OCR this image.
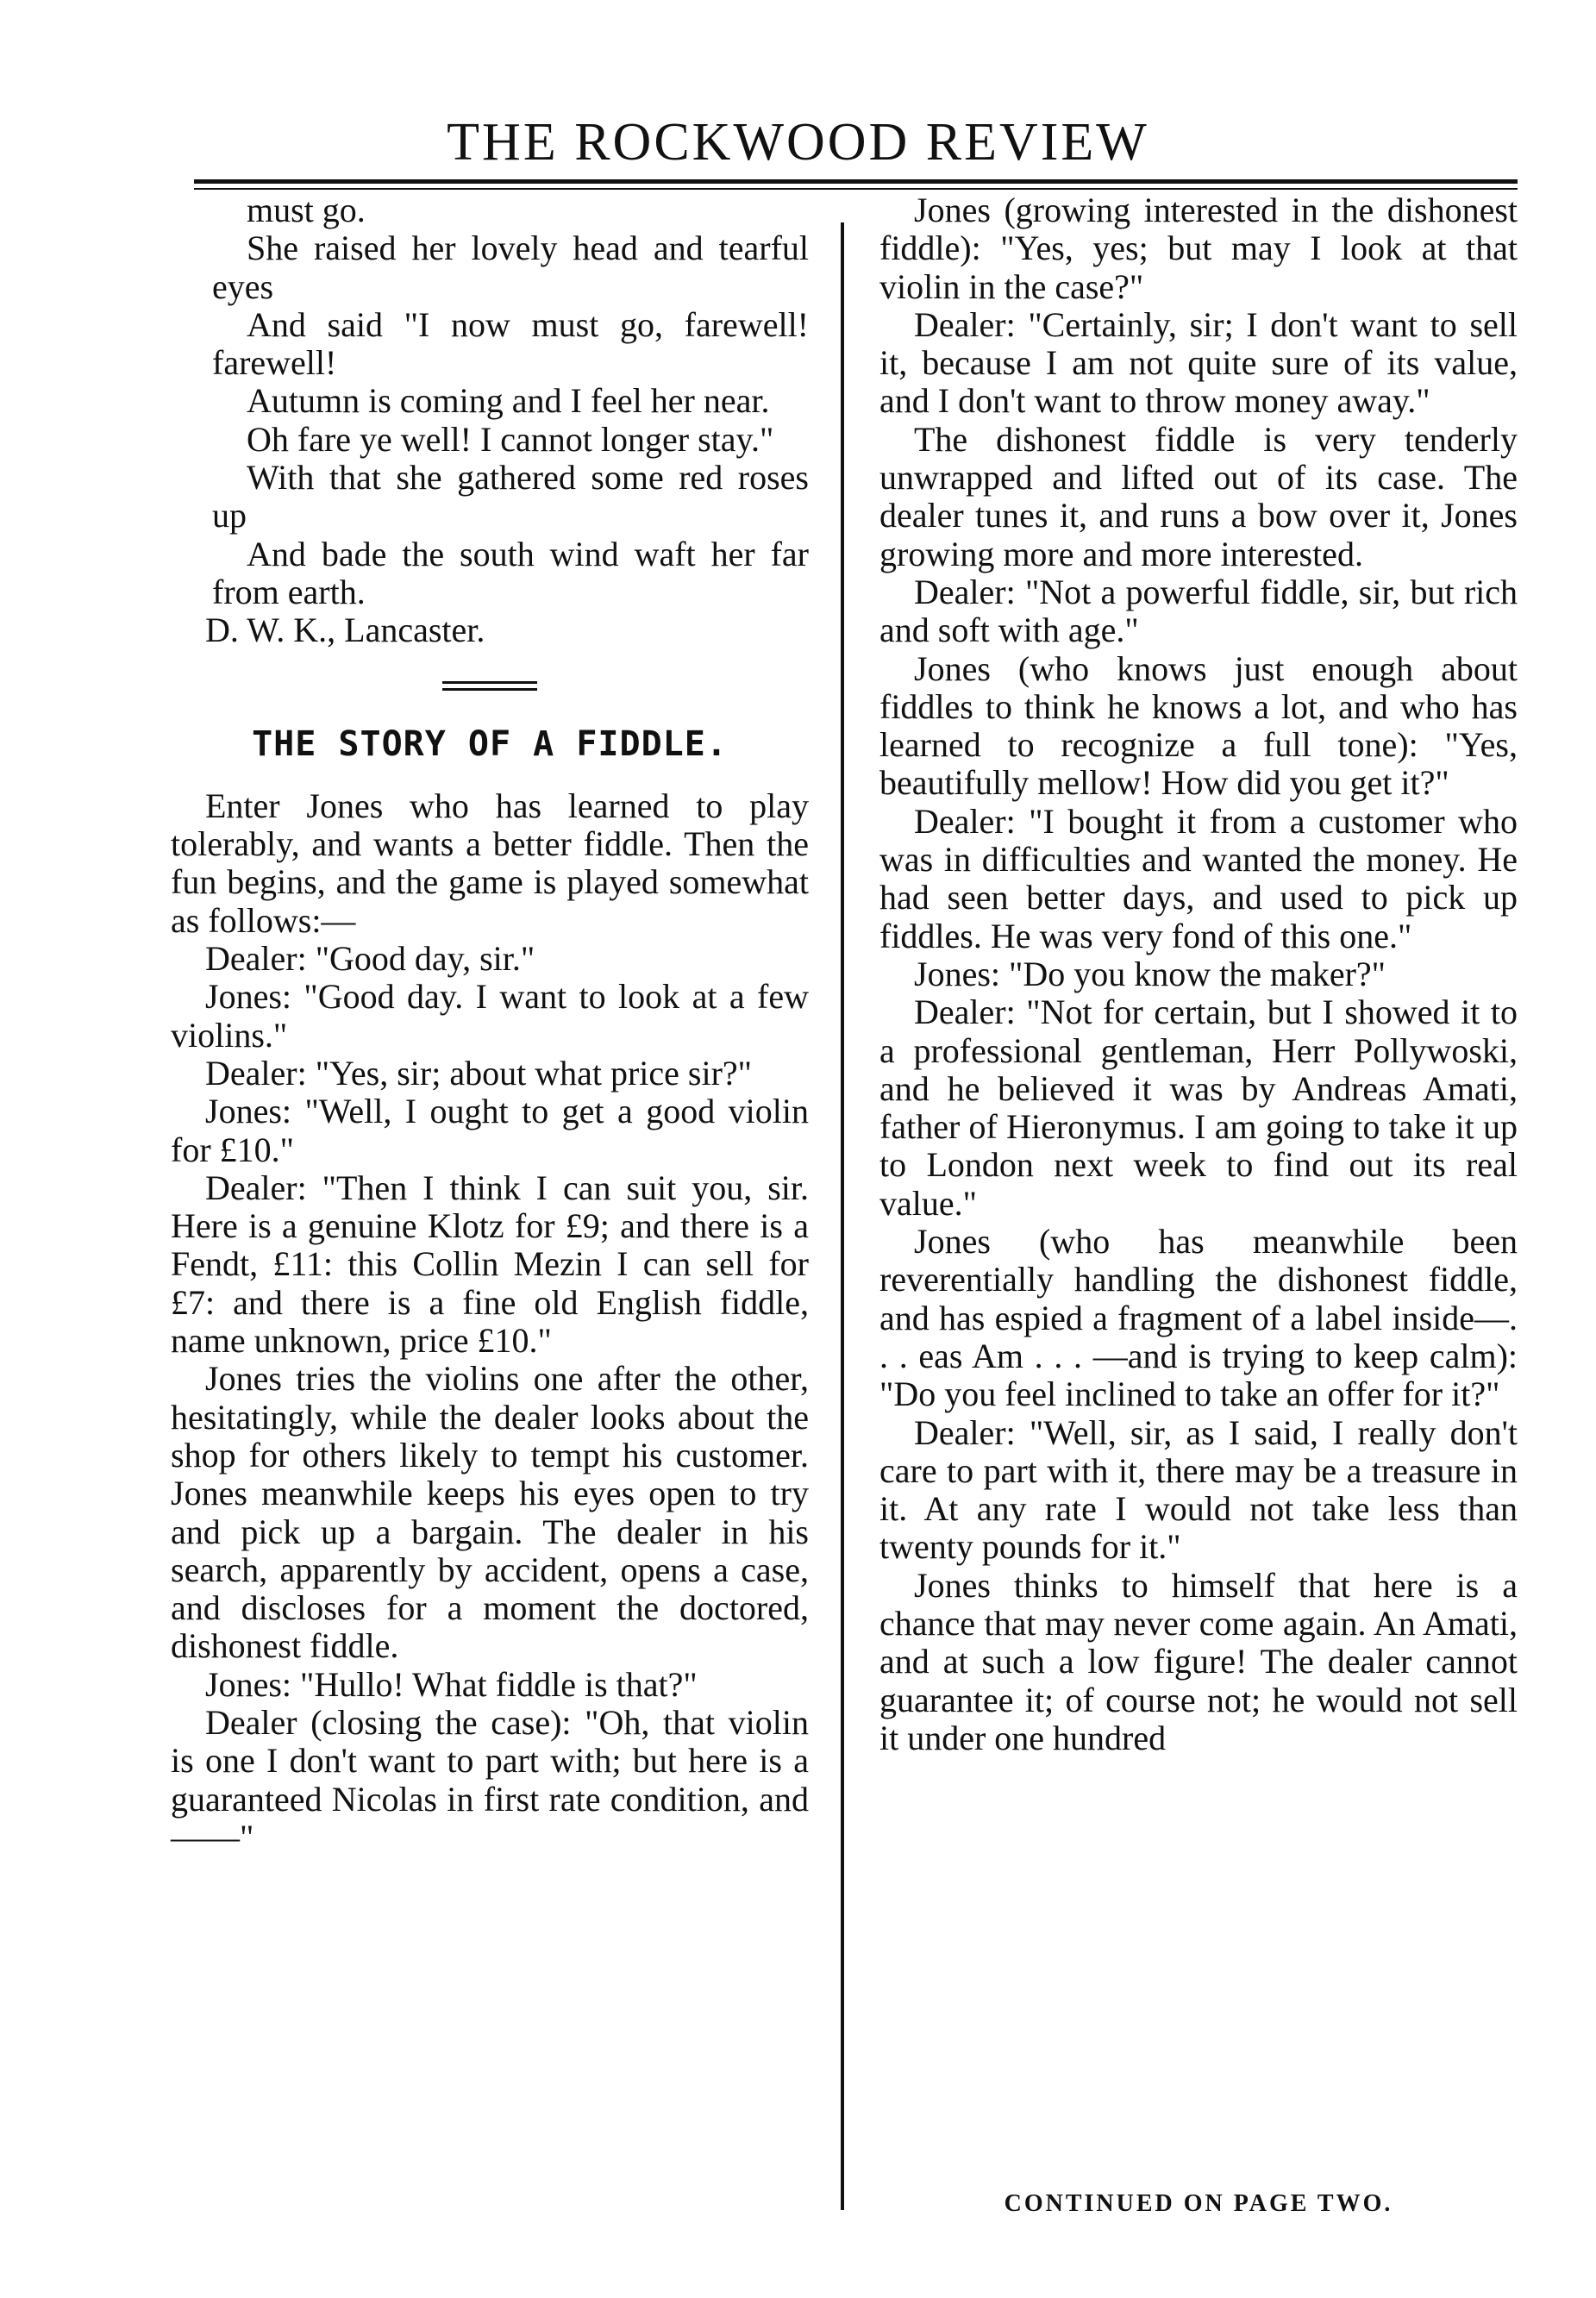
THE ROCKWOOD REVIEW

must go.

She raised her lovely head and tearful eyes

And said "I now must go, farewell! farewell!

Autumn is coming and I feel her near.

Oh fare ye well! I cannot longer stay."

With that she gathered some red roses up

And bade the south wind waft her far from earth.

D. W. K., Lancaster.

THE STORY OF A FIDDLE.

Enter Jones who has learned to play tolerably, and wants a better fiddle. Then the fun begins, and the game is played somewhat as follows:—

Dealer: "Good day, sir."

Jones: "Good day. I want to look at a few violins."

Dealer: "Yes, sir; about what price sir?"

Jones: "Well, I ought to get a good violin for £10."

Dealer: "Then I think I can suit you, sir. Here is a genuine Klotz for £9; and there is a Fendt, £11: this Collin Mezin I can sell for £7: and there is a fine old English fiddle, name unknown, price £10."

Jones tries the violins one after the other, hesitatingly, while the dealer looks about the shop for others likely to tempt his customer. Jones meanwhile keeps his eyes open to try and pick up a bargain. The dealer in his search, apparently by accident, opens a case, and discloses for a moment the doctored, dishonest fiddle.

Jones: "Hullo! What fiddle is that?"

Dealer (closing the case): "Oh, that violin is one I don't want to part with; but here is a guaranteed Nicolas in first rate condition, and——"

Jones (growing interested in the dishonest fiddle): "Yes, yes; but may I look at that violin in the case?"

Dealer: "Certainly, sir; I don't want to sell it, because I am not quite sure of its value, and I don't want to throw money away."

The dishonest fiddle is very tenderly unwrapped and lifted out of its case. The dealer tunes it, and runs a bow over it, Jones growing more and more interested.

Dealer: "Not a powerful fiddle, sir, but rich and soft with age."

Jones (who knows just enough about fiddles to think he knows a lot, and who has learned to recognize a full tone): "Yes, beautifully mellow! How did you get it?"

Dealer: "I bought it from a customer who was in difficulties and wanted the money. He had seen better days, and used to pick up fiddles. He was very fond of this one."

Jones: "Do you know the maker?"

Dealer: "Not for certain, but I showed it to a professional gentleman, Herr Pollywoski, and he believed it was by Andreas Amati, father of Hieronymus. I am going to take it up to London next week to find out its real value."

Jones (who has meanwhile been reverentially handling the dishonest fiddle, and has espied a fragment of a label inside—. . . eas Am . . . —and is trying to keep calm): "Do you feel inclined to take an offer for it?"

Dealer: "Well, sir, as I said, I really don't care to part with it, there may be a treasure in it. At any rate I would not take less than twenty pounds for it."

Jones thinks to himself that here is a chance that may never come again. An Amati, and at such a low figure! The dealer cannot guarantee it; of course not; he would not sell it under one hundred

CONTINUED ON PAGE TWO.
